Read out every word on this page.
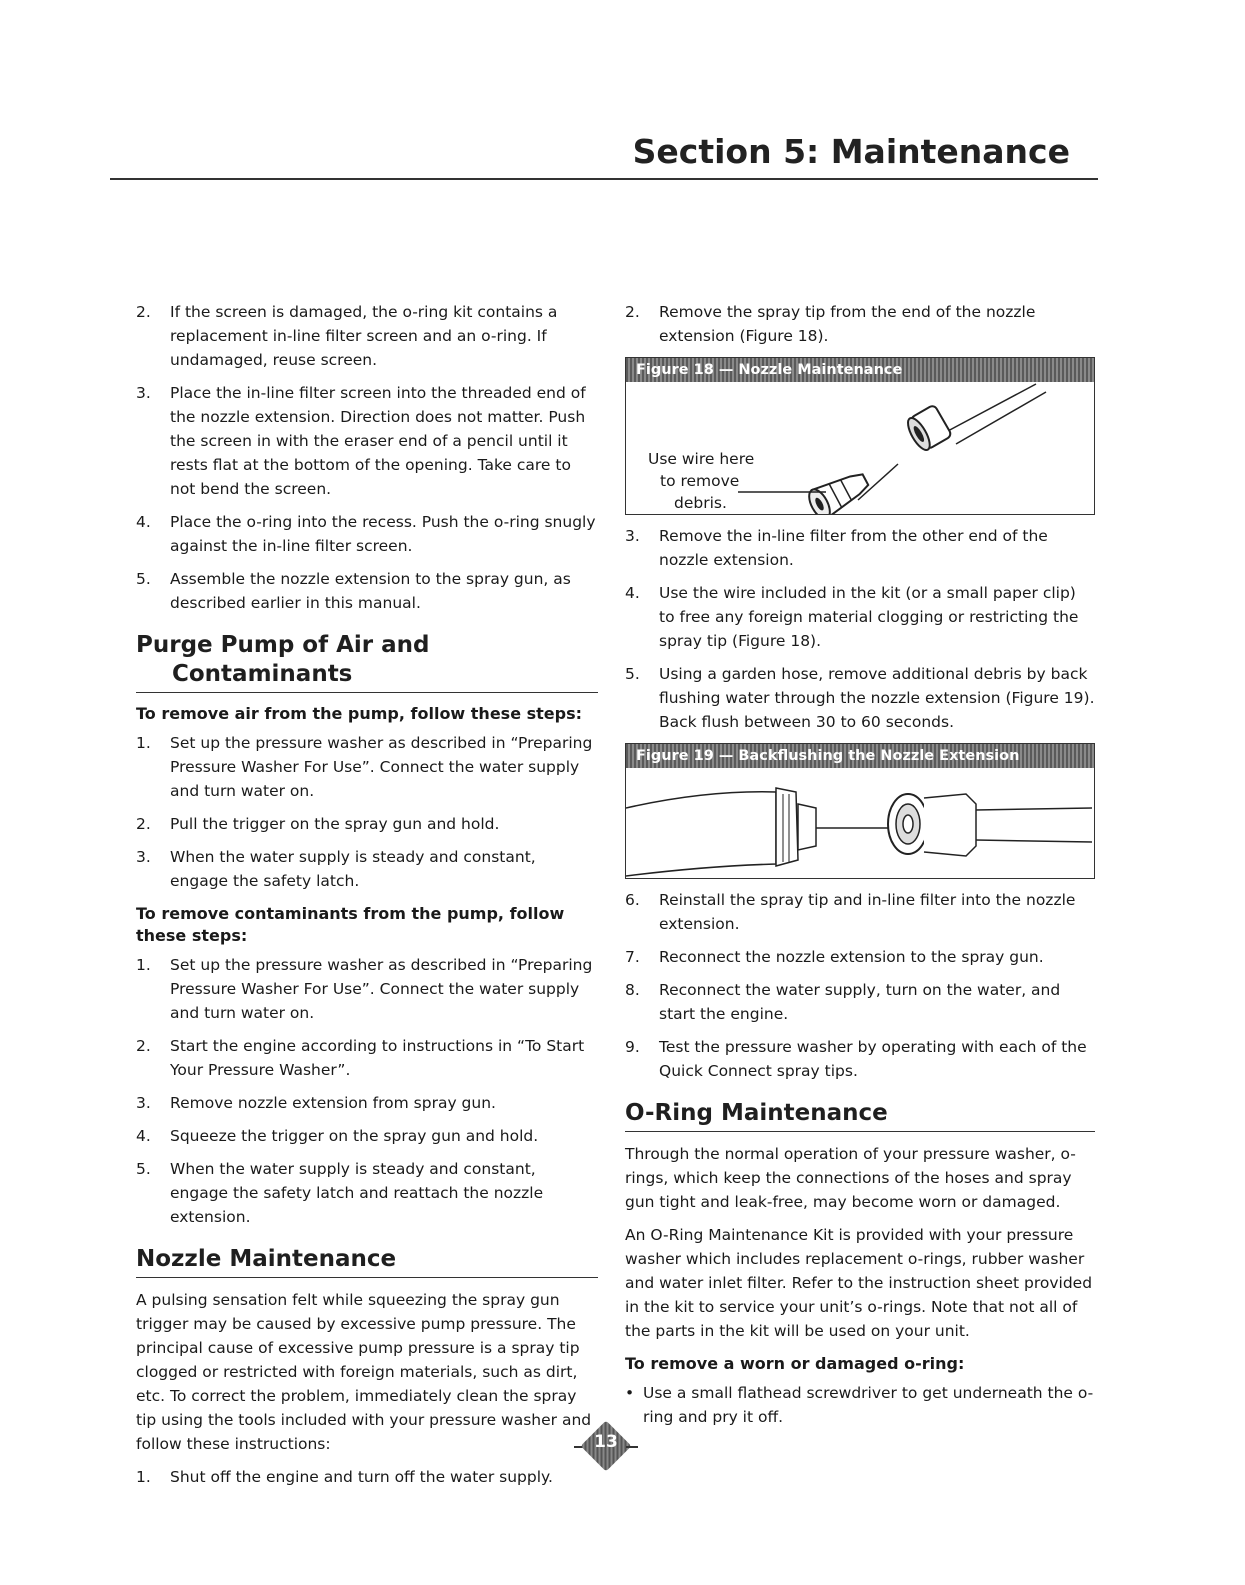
Section 5: Maintenance
2.	If the screen is damaged, the o-ring kit contains a replacement in-line filter screen and an o-ring. If undamaged, reuse screen.
3.	Place the in-line filter screen into the threaded end of the nozzle extension. Direction does not matter. Push the screen in with the eraser end of a pencil until it rests flat at the bottom of the opening. Take care to not bend the screen.
4.	Place the o-ring into the recess. Push the o-ring snugly against the in-line filter screen.
5.	Assemble the nozzle extension to the spray gun, as described earlier in this manual.
Purge Pump of Air and
Contaminants
To remove air from the pump, follow these steps:
1.	Set up the pressure washer as described in “Preparing Pressure Washer For Use”. Connect the water supply and turn water on.
2.	Pull the trigger on the spray gun and hold.
3.	When the water supply is steady and constant, engage the safety latch.
To remove contaminants from the pump, follow these steps:
1.	Set up the pressure washer as described in “Preparing Pressure Washer For Use”. Connect the water supply and turn water on.
2.	Start the engine according to instructions in “To Start Your Pressure Washer”.
3.	Remove nozzle extension from spray gun.
4.	Squeeze the trigger on the spray gun and hold.
5.	When the water supply is steady and constant, engage the safety latch and reattach the nozzle extension.
Nozzle Maintenance
A pulsing sensation felt while squeezing the spray gun trigger may be caused by excessive pump pressure. The principal cause of excessive pump pressure is a spray tip clogged or restricted with foreign materials, such as dirt, etc. To correct the problem, immediately clean the spray tip using the tools included with your pressure washer and follow these instructions:
1.	Shut off the engine and turn off the water supply.
2.	Remove the spray tip from the end of the nozzle extension (Figure 18).
Figure 18 — Nozzle Maintenance
Use wire here
to remove
debris.
3.	Remove the in-line filter from the other end of the nozzle extension.
4.	Use the wire included in the kit (or a small paper clip) to free any foreign material clogging or restricting the spray tip (Figure 18).
5.	Using a garden hose, remove additional debris by back flushing water through the nozzle extension (Figure 19). Back flush between 30 to 60 seconds.
Figure 19 — Backflushing the Nozzle Extension
6.	Reinstall the spray tip and in-line filter into the nozzle extension.
7.	Reconnect the nozzle extension to the spray gun.
8.	Reconnect the water supply, turn on the water, and start the engine.
9.	Test the pressure washer by operating with each of the Quick Connect spray tips.
O-Ring Maintenance
Through the normal operation of your pressure washer, o-rings, which keep the connections of the hoses and spray gun tight and leak-free, may become worn or damaged.
An O-Ring Maintenance Kit is provided with your pressure washer which includes replacement o-rings, rubber washer and water inlet filter. Refer to the instruction sheet provided in the kit to service your unit’s o-rings. Note that not all of the parts in the kit will be used on your unit.
To remove a worn or damaged o-ring:
• Use a small flathead screwdriver to get underneath the o-ring and pry it off.
13
